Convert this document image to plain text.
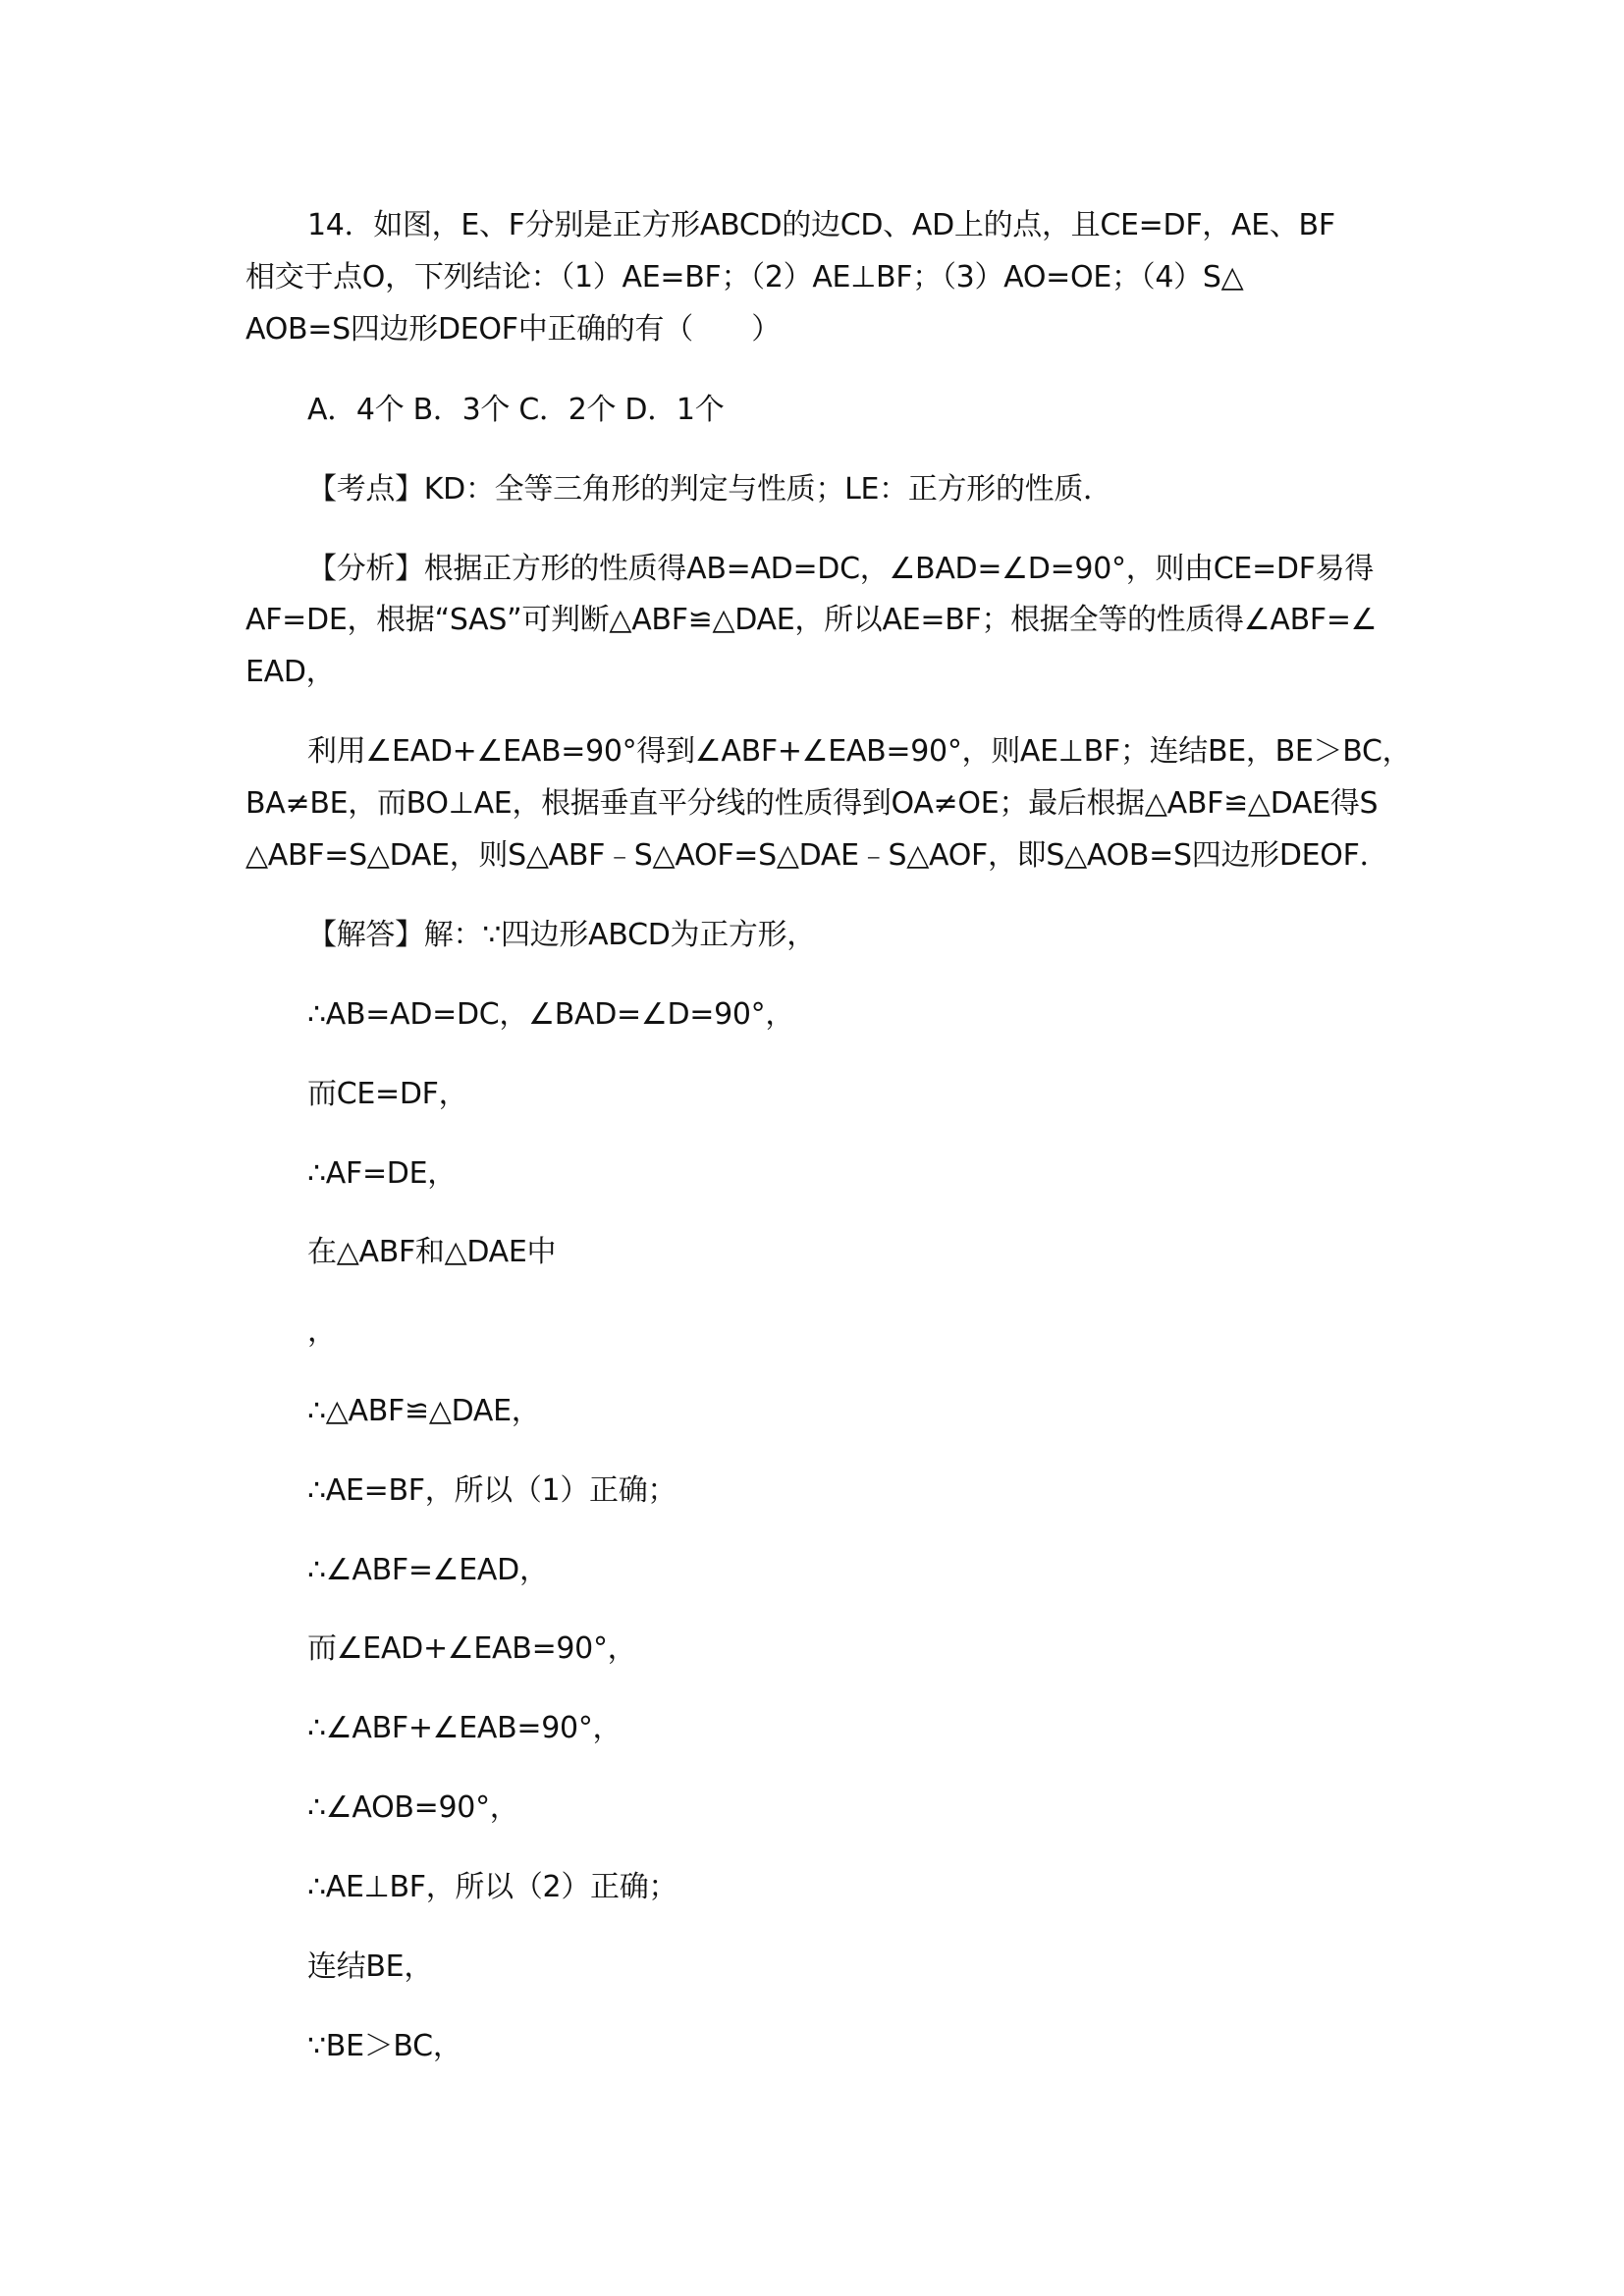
14．如图，E、F分别是正方形ABCD的边CD、AD上的点，且CE=DF，AE、BF
相交于点O，下列结论：（1）AE=BF；（2）AE⊥BF；（3）AO=OE；（4）S△
AOB=S四边形DEOF中正确的有（　　）
A．4个 B．3个 C．2个 D．1个
【考点】KD：全等三角形的判定与性质；LE：正方形的性质．
【分析】根据正方形的性质得AB=AD=DC，∠BAD=∠D=90°，则由CE=DF易得
AF=DE，根据“SAS”可判断△ABF≌△DAE，所以AE=BF；根据全等的性质得∠ABF=∠
EAD，
利用∠EAD+∠EAB=90°得到∠ABF+∠EAB=90°，则AE⊥BF；连结BE，BE＞BC，
BA≠BE，而BO⊥AE，根据垂直平分线的性质得到OA≠OE；最后根据△ABF≌△DAE得S
△ABF=S△DAE，则S△ABF﹣S△AOF=S△DAE﹣S△AOF，即S△AOB=S四边形DEOF．
【解答】解：∵四边形ABCD为正方形，
∴AB=AD=DC，∠BAD=∠D=90°，
而CE=DF，
∴AF=DE，
在△ABF和△DAE中
，
∴△ABF≌△DAE，
∴AE=BF，所以（1）正确；
∴∠ABF=∠EAD，
而∠EAD+∠EAB=90°，
∴∠ABF+∠EAB=90°，
∴∠AOB=90°，
∴AE⊥BF，所以（2）正确；
连结BE，
∵BE＞BC，
